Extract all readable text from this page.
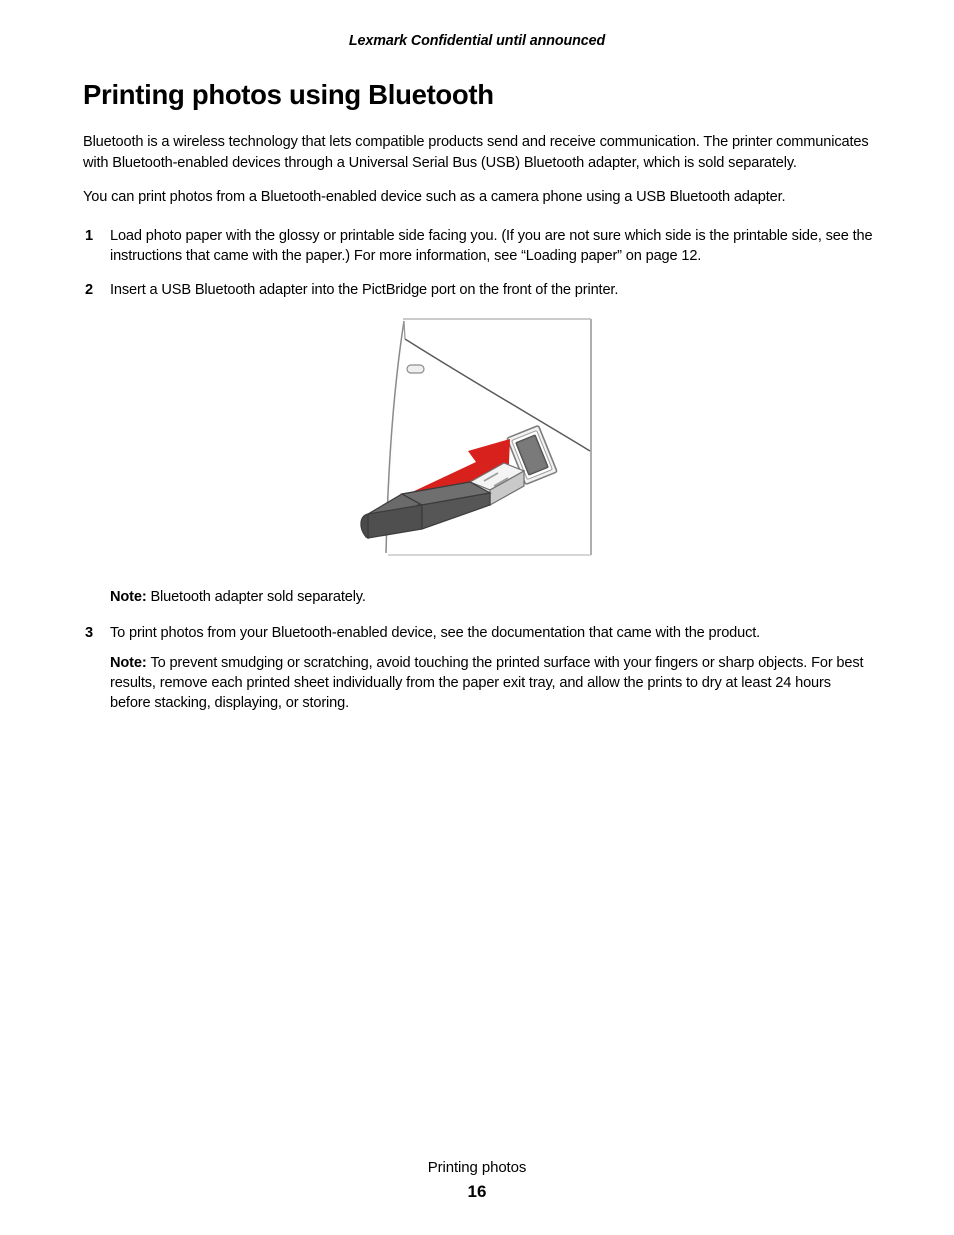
Lexmark Confidential until announced
Printing photos using Bluetooth

Bluetooth is a wireless technology that lets compatible products send and receive communication. The printer communicates with Bluetooth-enabled devices through a Universal Serial Bus (USB) Bluetooth adapter, which is sold separately.

You can print photos from a Bluetooth-enabled device such as a camera phone using a USB Bluetooth adapter.

1 Load photo paper with the glossy or printable side facing you. (If you are not sure which side is the printable side, see the instructions that came with the paper.) For more information, see “Loading paper” on page 12.
2 Insert a USB Bluetooth adapter into the PictBridge port on the front of the printer.
Note: Bluetooth adapter sold separately.
3 To print photos from your Bluetooth-enabled device, see the documentation that came with the product.
Note: To prevent smudging or scratching, avoid touching the printed surface with your fingers or sharp objects. For best results, remove each printed sheet individually from the paper exit tray, and allow the prints to dry at least 24 hours before stacking, displaying, or storing.
Printing photos
16
